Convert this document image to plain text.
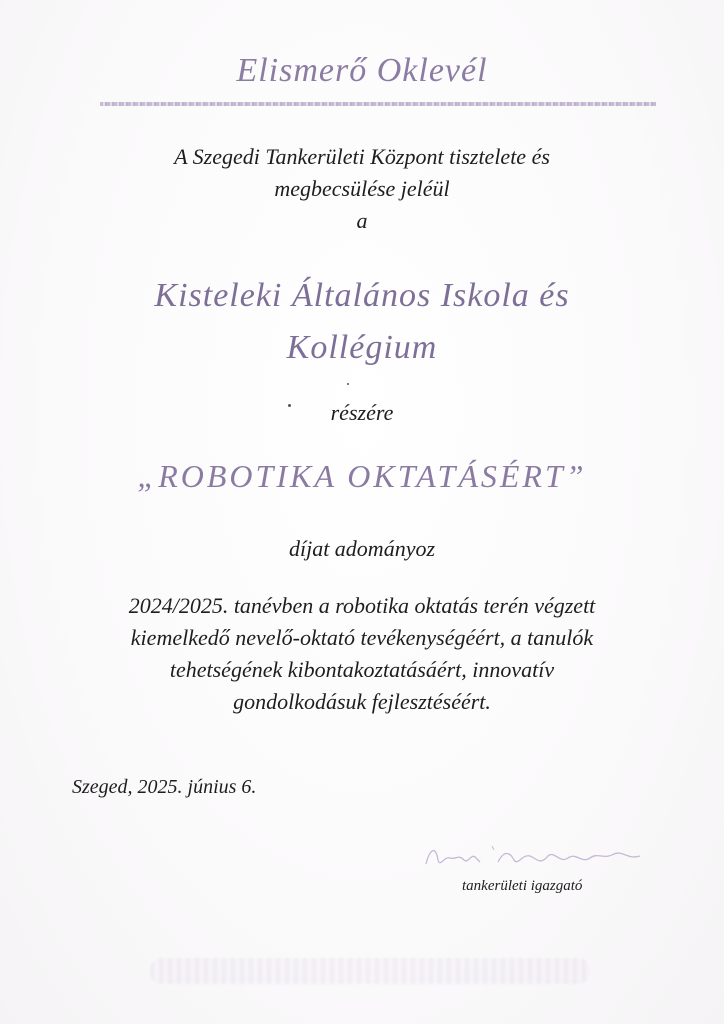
Elismerő Oklevél
A Szegedi Tankerületi Központ tisztelete és
megbecsülése jeléül
a
Kisteleki Általános Iskola és
Kollégium
részére
„ROBOTIKA OKTATÁSÉRT”
díjat adományoz
2024/2025. tanévben a robotika oktatás terén végzett
kiemelkedő nevelő-oktató tevékenységéért, a tanulók
tehetségének kibontakoztatásáért, innovatív
gondolkodásuk fejlesztéséért.
Szeged, 2025. június 6.
tankerületi igazgató
